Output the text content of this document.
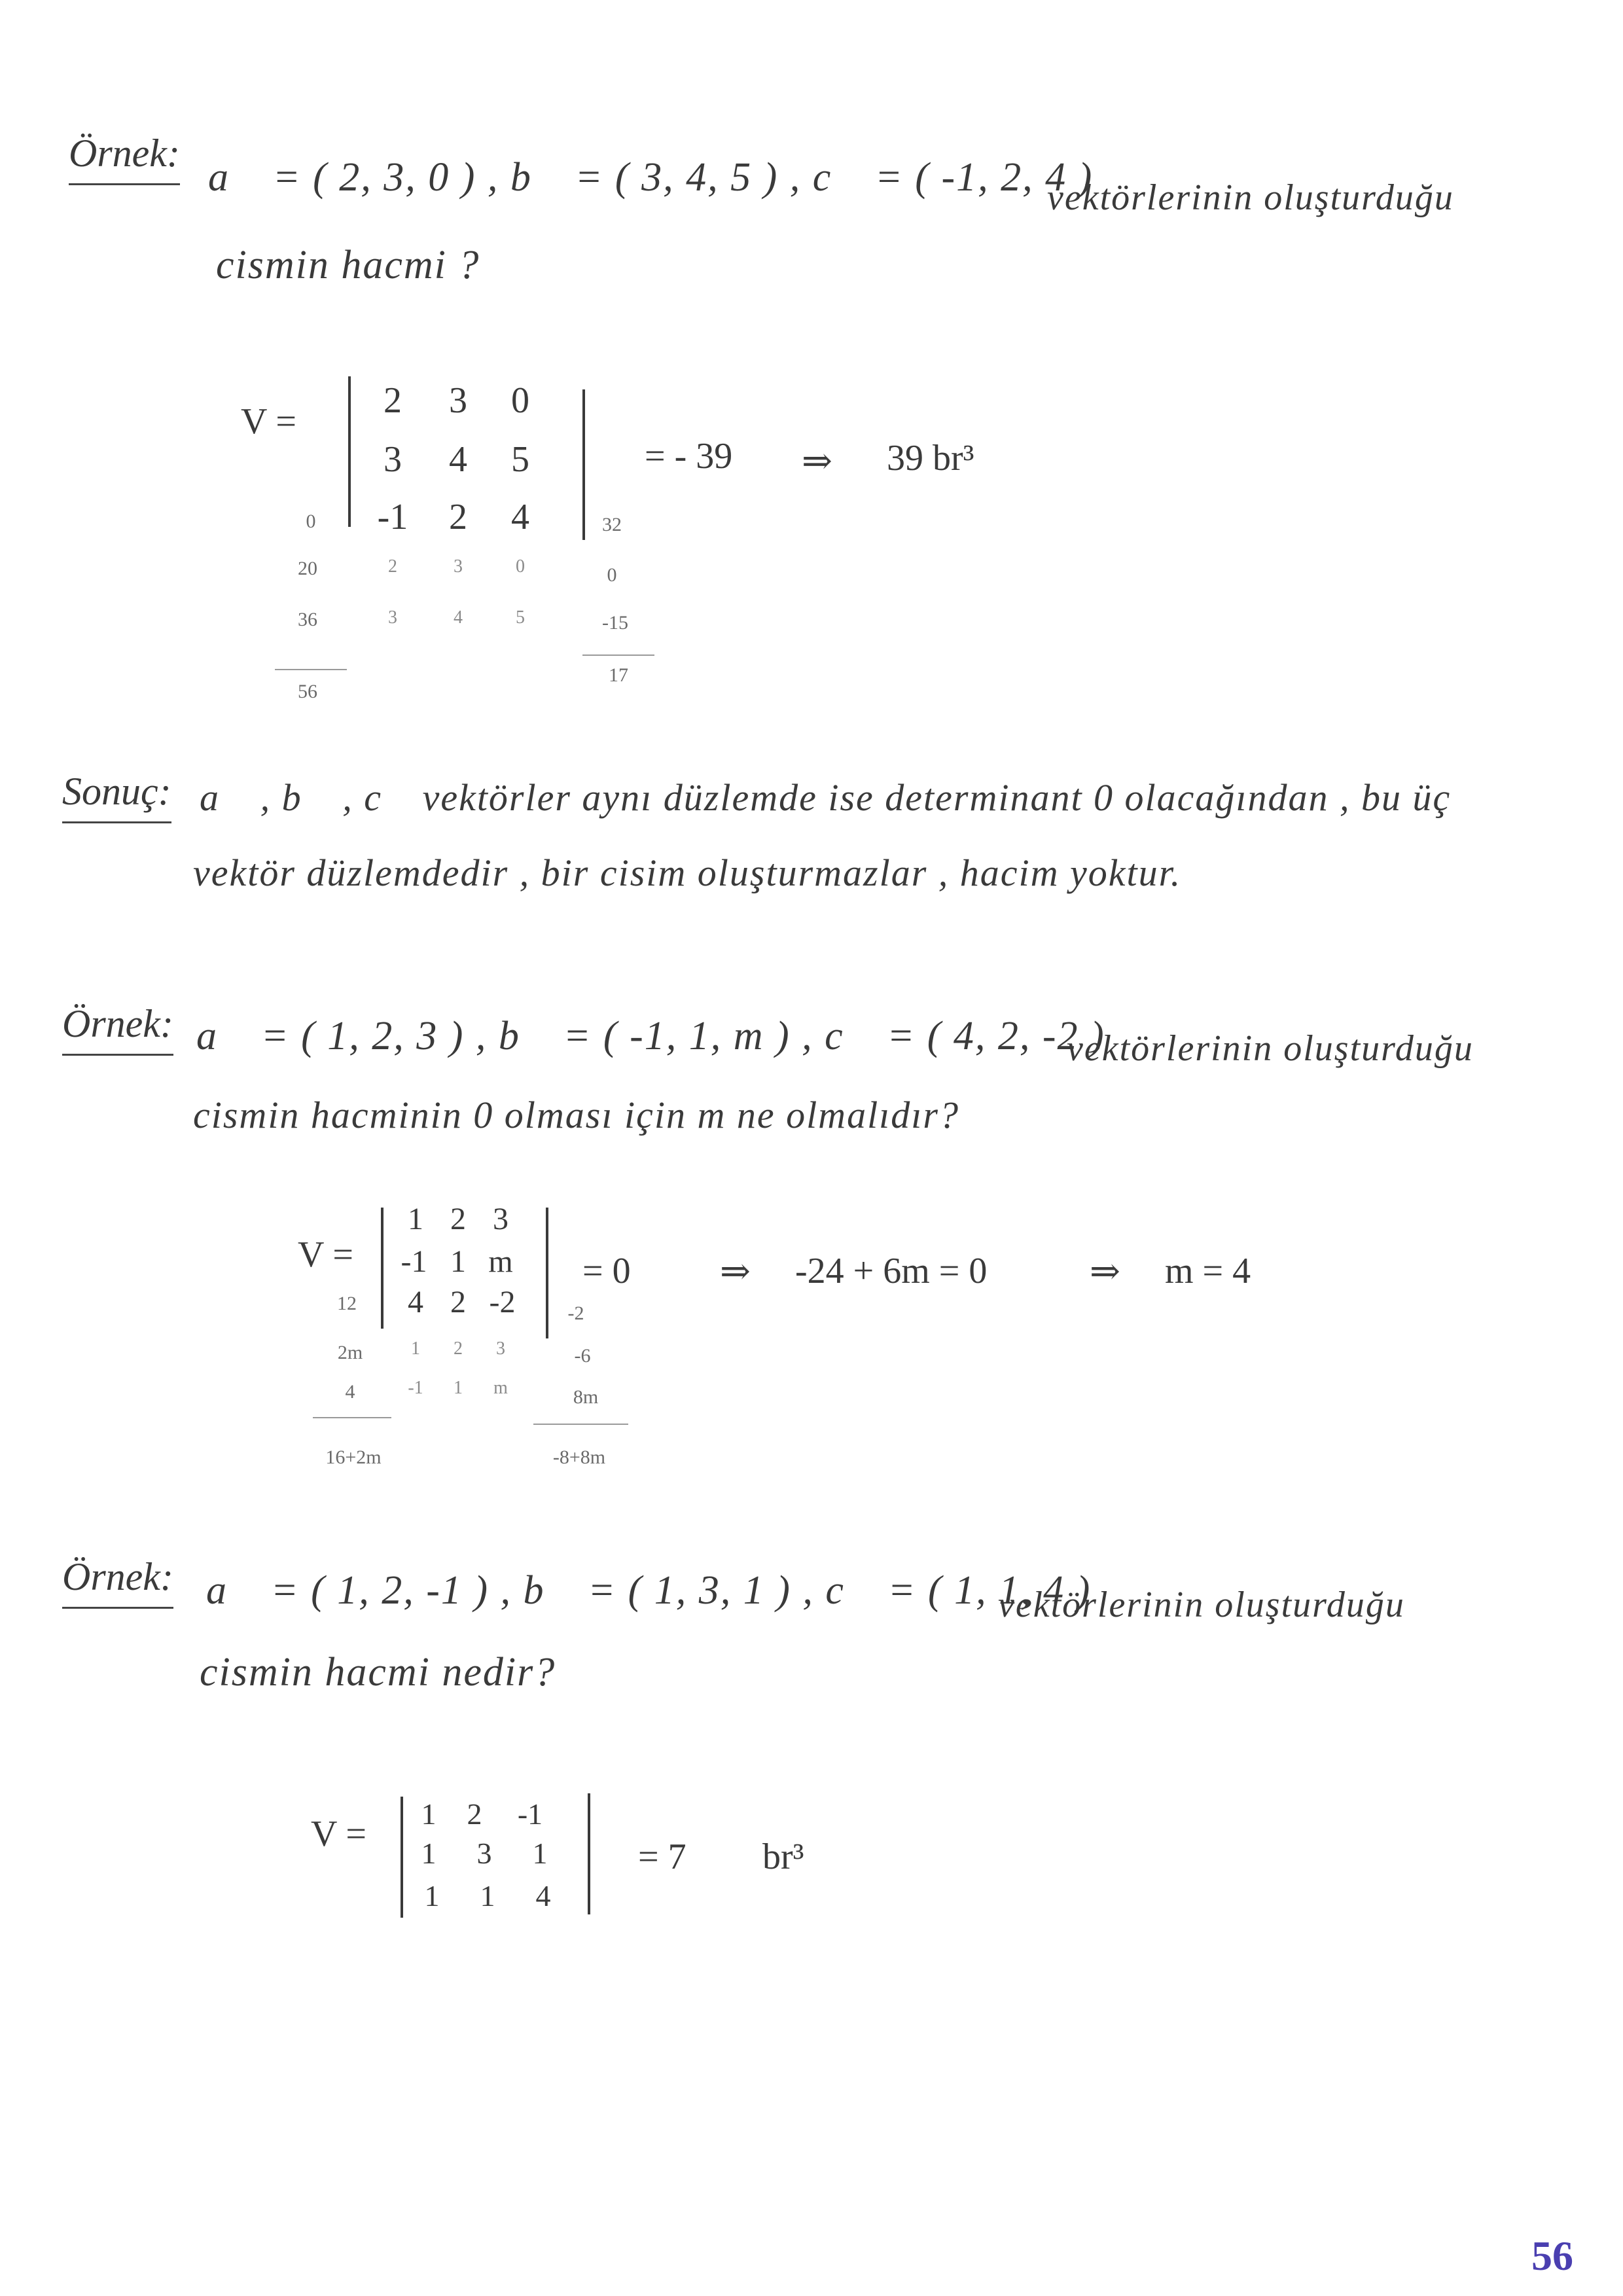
Örnek:
a⃗ = ( 2, 3, 0 ) , b⃗ = ( 3, 4, 5 ) , c⃗ = ( -1, 2, 4 )
vektörlerinin oluşturduğu
cismin hacmi ?
V =
2 3 0
3 4 5
-1 2 4
2	3	0
3	4	5
0
20
36
56
32
0
-15
17
= - 39 ⇒ 39 br³
Sonuç: a⃗ , b⃗ , c⃗ vektörler aynı düzlemde ise determinant 0 olacağından , bu üç
vektör düzlemdedir , bir cisim oluşturmazlar , hacim yoktur.
Örnek: a⃗ = ( 1, 2, 3 ) , b⃗ = ( -1, 1, m ) , c⃗ = ( 4, 2, -2 )
vektörlerinin oluşturduğu
cismin hacminin 0 olması için m ne olmalıdır?
V =
1 2 3
-1 1 m
4 2 -2
1	2	3
-1	1	m
12
2m
4
16+2m
-2
-6
8m
-8+8m
= 0 ⇒ -24 + 6m = 0	⇒ m = 4
Örnek: a⃗ = ( 1, 2, -1 ) , b⃗ = ( 1, 3, 1 ) , c⃗ = ( 1, 1, 4 )
vektörlerinin oluşturduğu
cismin hacmi nedir?
V = 1 2	-1
1 3 1
1 1 4
= 7 br³
56
